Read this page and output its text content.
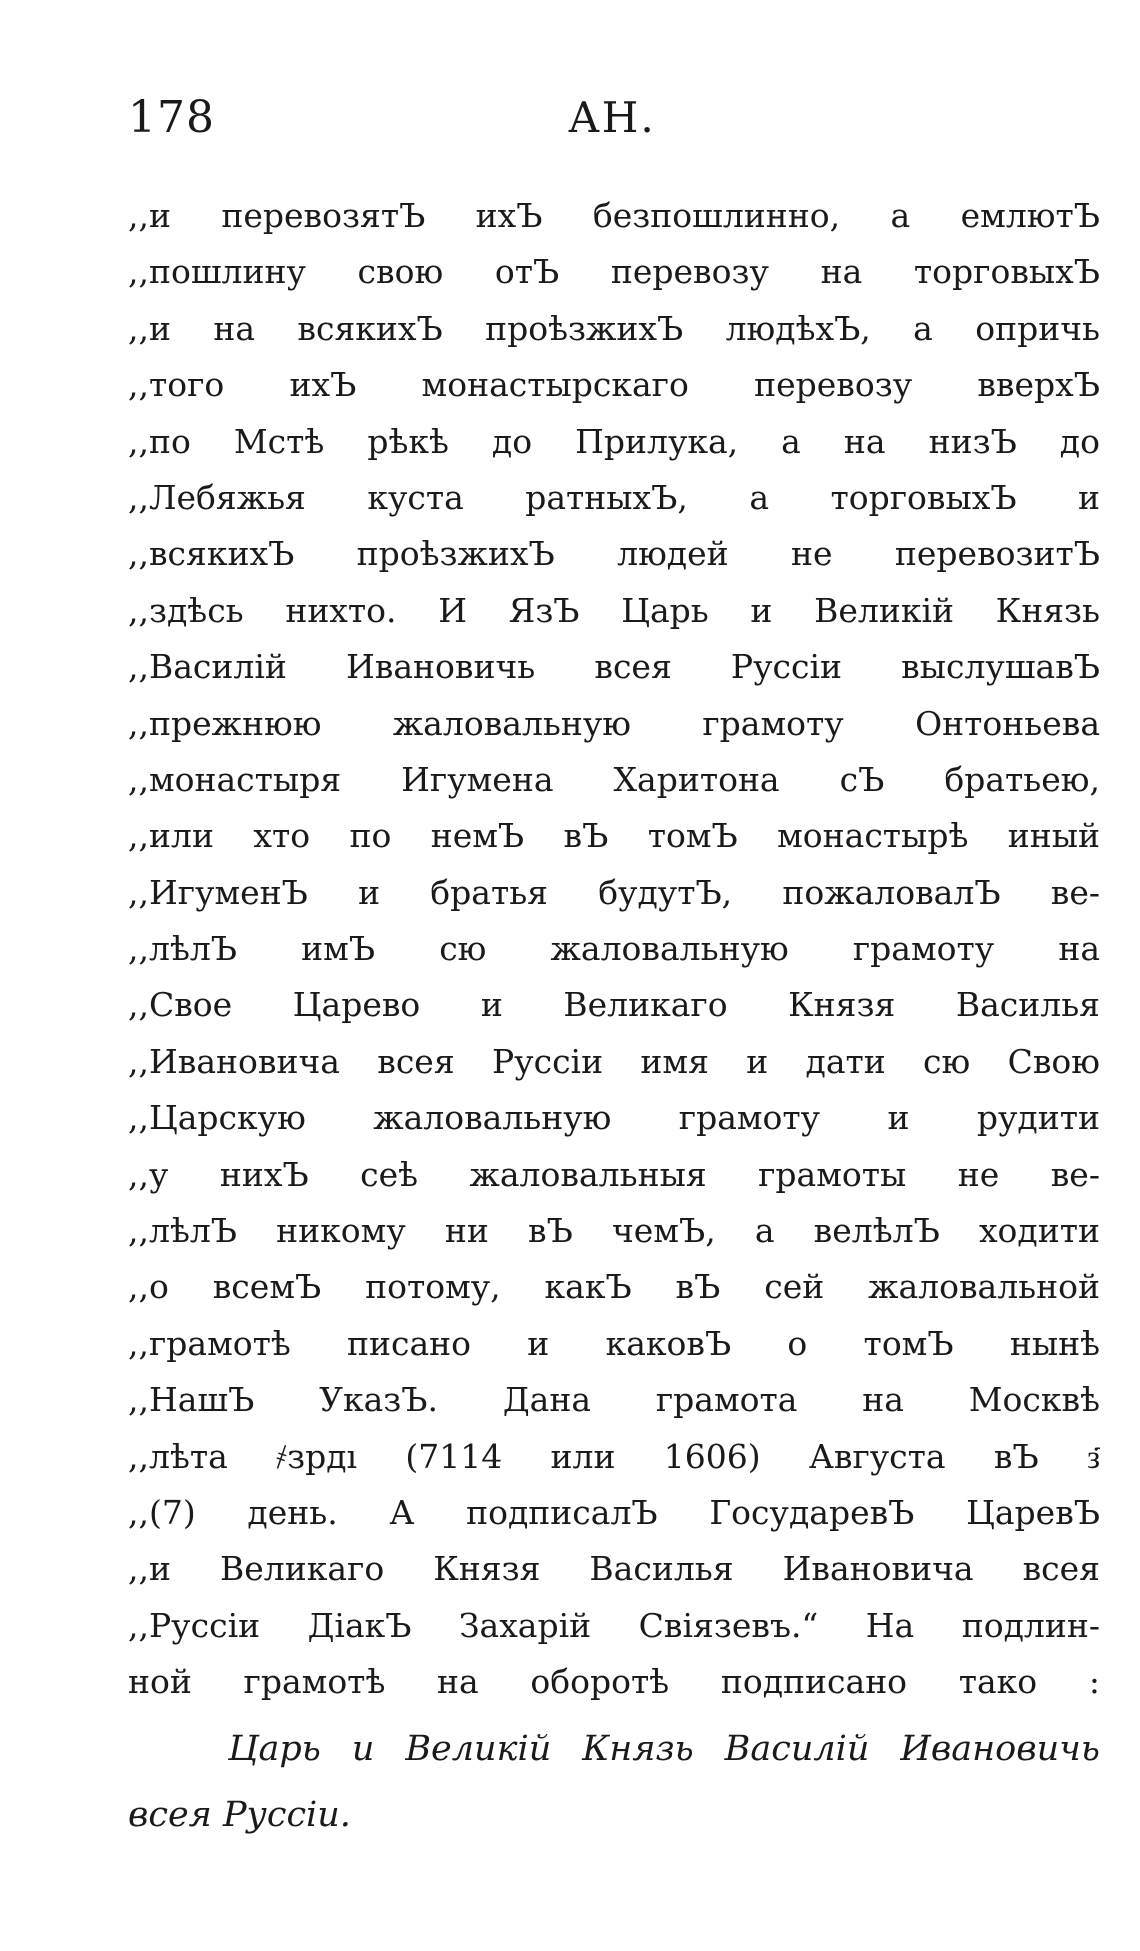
178	АН.
,,и перевозятЪ ихЪ безпошлинно, а емлютЪ
,,пошлину свою отЪ перевозу на торговыхЪ
,,и на всякихЪ проѣзжихЪ людѣхЪ, а опричь
,,того ихЪ монастырскаго перевозу вверхЪ
,,по Мстѣ рѣкѣ до Прилука, а на низЪ до
,,Лебяжья куста ратныхЪ, а торговыхЪ и
,,всякихЪ проѣзжихЪ людей не перевозитЪ
,,здѣсь нихто. И ЯзЪ Царь и Великій Князь
,,Василій Ивановичь всея Руссіи выслушавЪ
,,прежнюю жаловальную грамоту Онтоньева
,,монастыря Игумена Харитона сЪ братьею,
,,или хто по немЪ вЪ томЪ монастырѣ иный
,,ИгуменЪ и братья будутЪ, пожаловалЪ ве-
,,лѣлЪ имЪ сю жаловальную грамоту на
,,Свое Царево и Великаго Князя Василья
,,Ивановича всея Руссіи имя и дати сю Свою
,,Царскую жаловальную грамоту и рудити
,,у нихЪ сеѣ жаловальныя грамоты не ве-
,,лѣлЪ никому ни вЪ чемЪ, а велѣлЪ ходити
,,о всемЪ потому, какЪ вЪ сей жаловальной
,,грамотѣ писано и каковЪ о томЪ нынѣ
,,НашЪ УказЪ. Дана грамота на Москвѣ
,,лѣта ҂зрдı (7114 или 1606) Августа вЪ з҃
,,(7) день. А подписалЪ ГосударевЪ ЦаревЪ
,,и Великаго Князя Василья Ивановича всея
,,Руссіи ДіакЪ Захарій Свіязевъ.“ На подлин-
ной грамотѣ на оборотѣ подписано тако :
Царь и Великій Князь Василій Ивановичь
всея Руссіи.
